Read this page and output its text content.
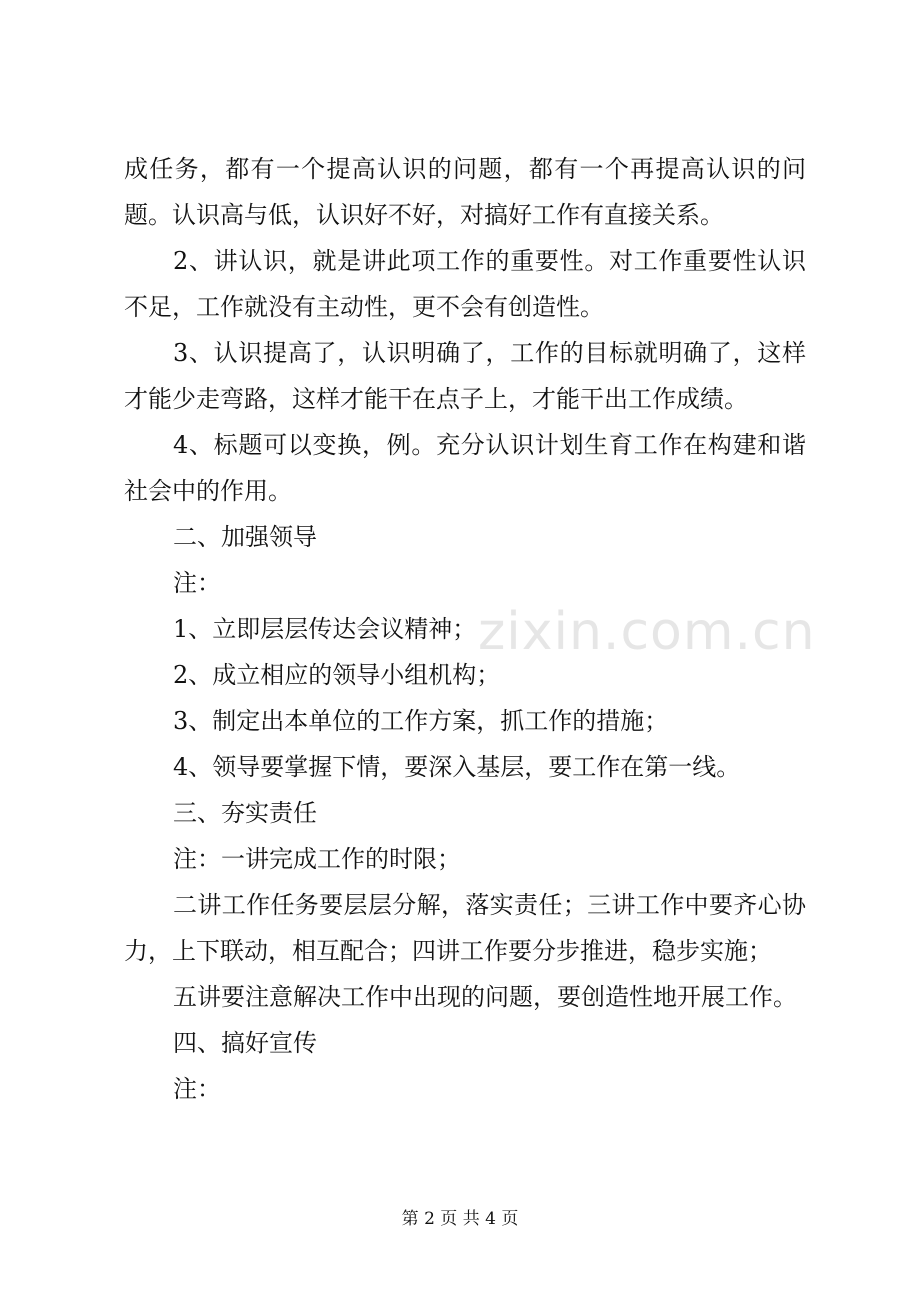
成任务，都有一个提高认识的问题，都有一个再提高认识的问题。认识高与低，认识好不好，对搞好工作有直接关系。

2、讲认识，就是讲此项工作的重要性。对工作重要性认识不足，工作就没有主动性，更不会有创造性。

3、认识提高了，认识明确了，工作的目标就明确了，这样才能少走弯路，这样才能干在点子上，才能干出工作成绩。

4、标题可以变换，例。充分认识计划生育工作在构建和谐社会中的作用。

二、加强领导

注：

1、立即层层传达会议精神；

2、成立相应的领导小组机构；

3、制定出本单位的工作方案，抓工作的措施；

4、领导要掌握下情，要深入基层，要工作在第一线。

三、夯实责任

注：一讲完成工作的时限；

二讲工作任务要层层分解，落实责任；三讲工作中要齐心协力，上下联动，相互配合；四讲工作要分步推进，稳步实施；

五讲要注意解决工作中出现的问题，要创造性地开展工作。

四、搞好宣传

注：

zixin.com.cn
第 2 页 共 4 页
